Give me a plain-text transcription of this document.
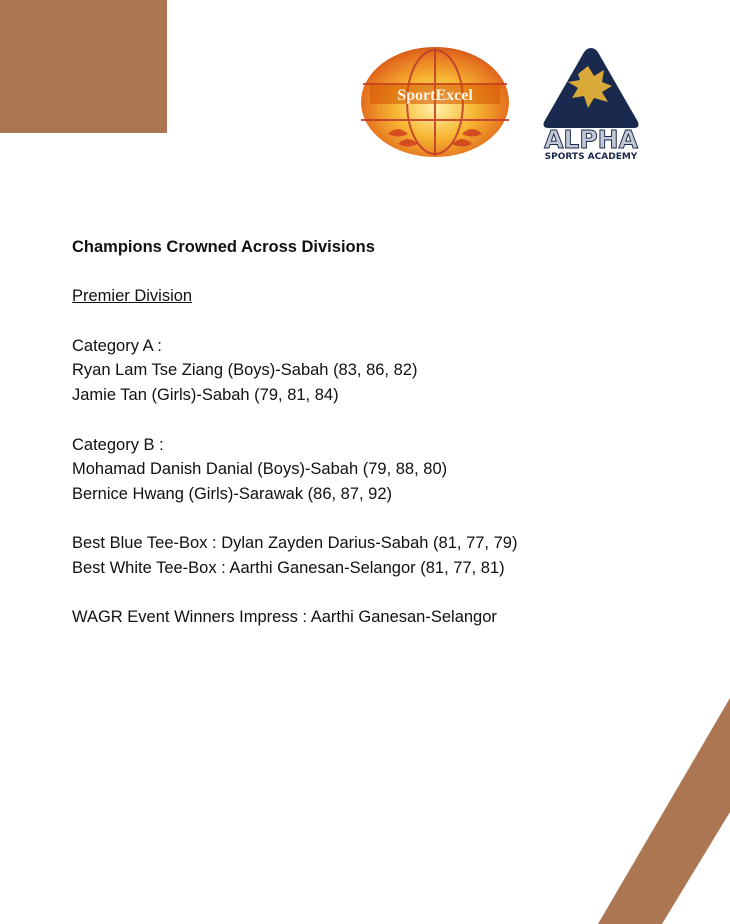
SportExcel
ALPHA
SPORTS ACADEMY

Champions Crowned Across Divisions

Premier Division

Category A :

Ryan Lam Tse Ziang (Boys)-Sabah (83, 86, 82)

Jamie Tan (Girls)-Sabah (79, 81, 84)

Category B :

Mohamad Danish Danial (Boys)-Sabah (79, 88, 80)

Bernice Hwang (Girls)-Sarawak (86, 87, 92)

Best Blue Tee-Box : Dylan Zayden Darius-Sabah (81, 77, 79)

Best White Tee-Box : Aarthi Ganesan-Selangor (81, 77, 81)

WAGR Event Winners Impress : Aarthi Ganesan-Selangor
